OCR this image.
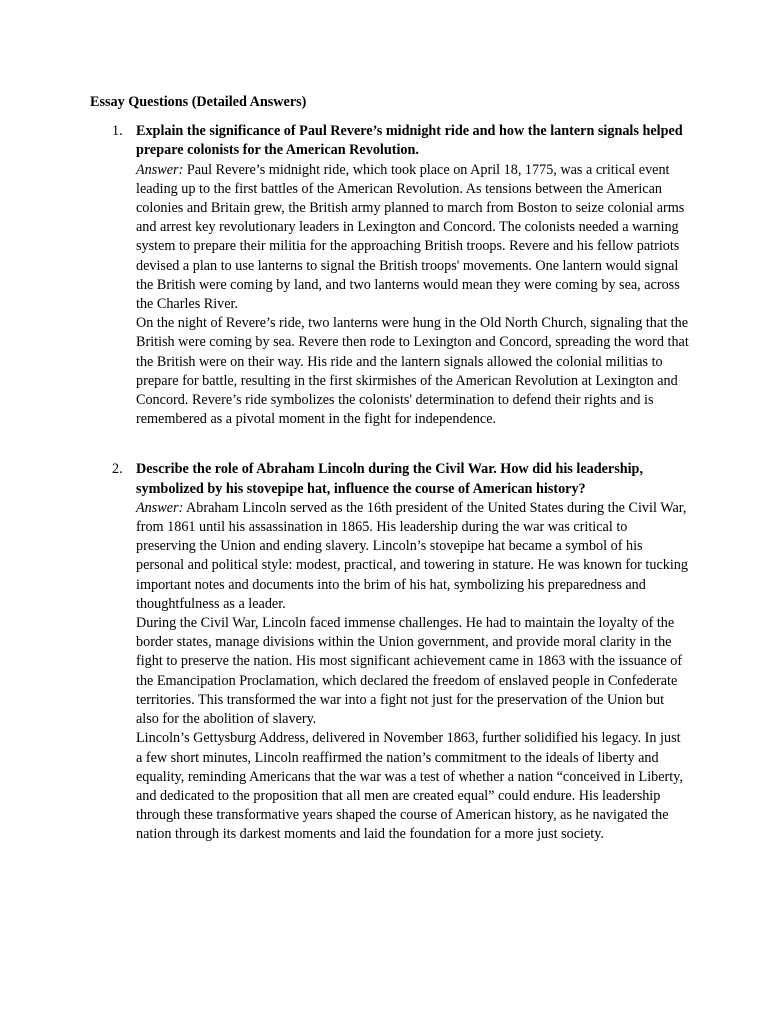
Essay Questions (Detailed Answers)

1. Explain the significance of Paul Revere’s midnight ride and how the lantern signals helped prepare colonists for the American Revolution.

Answer: Paul Revere’s midnight ride, which took place on April 18, 1775, was a critical event leading up to the first battles of the American Revolution. As tensions between the American colonies and Britain grew, the British army planned to march from Boston to seize colonial arms and arrest key revolutionary leaders in Lexington and Concord. The colonists needed a warning system to prepare their militia for the approaching British troops. Revere and his fellow patriots devised a plan to use lanterns to signal the British troops' movements. One lantern would signal the British were coming by land, and two lanterns would mean they were coming by sea, across the Charles River.

On the night of Revere’s ride, two lanterns were hung in the Old North Church, signaling that the British were coming by sea. Revere then rode to Lexington and Concord, spreading the word that the British were on their way. His ride and the lantern signals allowed the colonial militias to prepare for battle, resulting in the first skirmishes of the American Revolution at Lexington and Concord. Revere’s ride symbolizes the colonists' determination to defend their rights and is remembered as a pivotal moment in the fight for independence.

2. Describe the role of Abraham Lincoln during the Civil War. How did his leadership, symbolized by his stovepipe hat, influence the course of American history?

Answer: Abraham Lincoln served as the 16th president of the United States during the Civil War, from 1861 until his assassination in 1865. His leadership during the war was critical to preserving the Union and ending slavery. Lincoln’s stovepipe hat became a symbol of his personal and political style: modest, practical, and towering in stature. He was known for tucking important notes and documents into the brim of his hat, symbolizing his preparedness and thoughtfulness as a leader.

During the Civil War, Lincoln faced immense challenges. He had to maintain the loyalty of the border states, manage divisions within the Union government, and provide moral clarity in the fight to preserve the nation. His most significant achievement came in 1863 with the issuance of the Emancipation Proclamation, which declared the freedom of enslaved people in Confederate territories. This transformed the war into a fight not just for the preservation of the Union but also for the abolition of slavery.

Lincoln’s Gettysburg Address, delivered in November 1863, further solidified his legacy. In just a few short minutes, Lincoln reaffirmed the nation’s commitment to the ideals of liberty and equality, reminding Americans that the war was a test of whether a nation “conceived in Liberty, and dedicated to the proposition that all men are created equal” could endure. His leadership through these transformative years shaped the course of American history, as he navigated the nation through its darkest moments and laid the foundation for a more just society.
